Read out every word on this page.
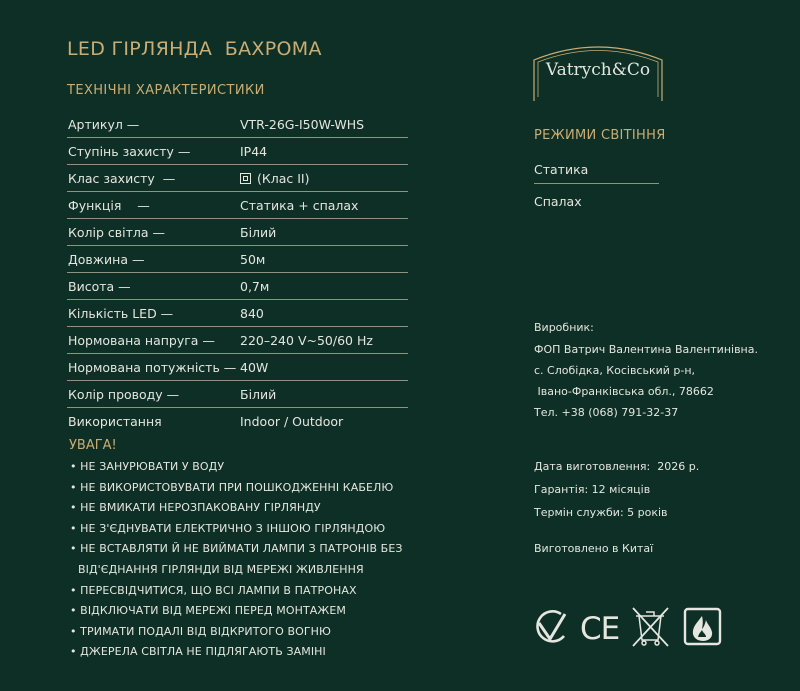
LED ГІРЛЯНДА  БАХРОМА
ТЕХНІЧНІ ХАРАКТЕРИСТИКИ
Артикул —	VTR-26G-I50W-WHS
Ступінь захисту —	IP44
Клас захисту  —	(Клас II)
Функція    —	Статика + спалах
Колір світла —	Білий
Довжина —	50м
Висота —	0,7м
Кількість LED —	840
Нормована напруга — 220–240 V~50/60 Hz
Нормована потужність — 40W
Колір проводу —	Білий
Використання	Indoor / Outdoor
УВАГА!
• НЕ ЗАНУРЮВАТИ У ВОДУ
• НЕ ВИКОРИСТОВУВАТИ ПРИ ПОШКОДЖЕННІ КАБЕЛЮ
• НЕ ВМИКАТИ НЕРОЗПАКОВАНУ ГІРЛЯНДУ
• НЕ З'ЄДНУВАТИ ЕЛЕКТРИЧНО З ІНШОЮ ГІРЛЯНДОЮ
• НЕ ВСТАВЛЯТИ Й НЕ ВИЙМАТИ ЛАМПИ З ПАТРОНІВ БЕЗ
ВІД'ЄДНАННЯ ГІРЛЯНДИ ВІД МЕРЕЖІ ЖИВЛЕННЯ
• ПЕРЕСВІДЧИТИСЯ, ЩО ВСІ ЛАМПИ В ПАТРОНАХ
• ВІДКЛЮЧАТИ ВІД МЕРЕЖІ ПЕРЕД МОНТАЖЕМ
• ТРИМАТИ ПОДАЛІ ВІД ВІДКРИТОГО ВОГНЮ
• ДЖЕРЕЛА СВІТЛА НЕ ПІДЛЯГАЮТЬ ЗАМІНІ
Vatrych&Co
РЕЖИМИ СВІТІННЯ
Статика
Спалах
Виробник:
ФОП Ватрич Валентина Валентинівна.
с. Слобідка, Косівський р-н,
Івано-Франківська обл., 78662
Тел. +38 (068) 791-32-37
Дата виготовлення:  2026 р.
Гарантія: 12 місяців
Термін служби: 5 років
Виготовлено в Китаї
CE
